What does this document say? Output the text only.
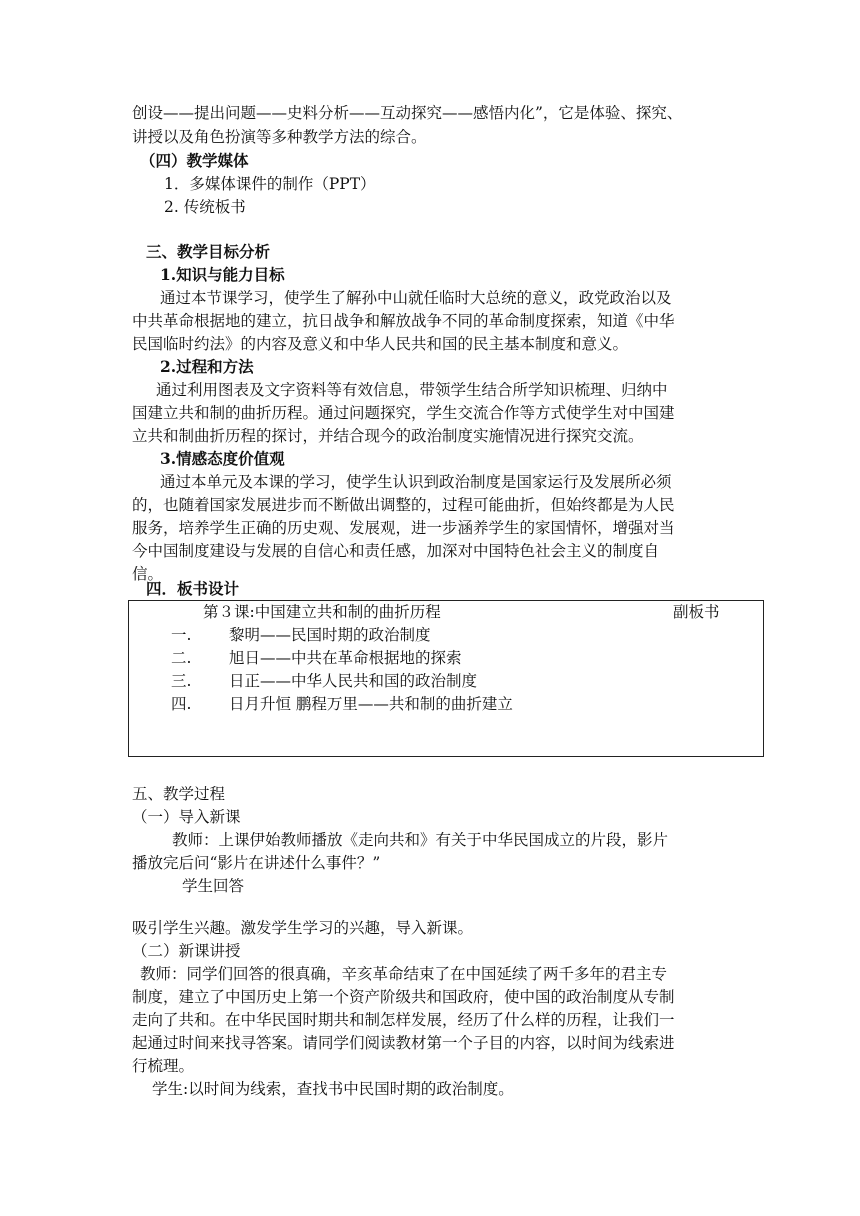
创设——提出问题——史料分析——互动探究——感悟内化”，它是体验、探究、
讲授以及角色扮演等多种教学方法的综合。
（四）教学媒体
1．多媒体课件的制作（PPT）
2. 传统板书
三、教学目标分析
1.知识与能力目标
通过本节课学习，使学生了解孙中山就任临时大总统的意义，政党政治以及
中共革命根据地的建立，抗日战争和解放战争不同的革命制度探索，知道《中华
民国临时约法》的内容及意义和中华人民共和国的民主基本制度和意义。
2.过程和方法
通过利用图表及文字资料等有效信息，带领学生结合所学知识梳理、归纳中
国建立共和制的曲折历程。通过问题探究，学生交流合作等方式使学生对中国建
立共和制曲折历程的探讨，并结合现今的政治制度实施情况进行探究交流。
3.情感态度价值观
通过本单元及本课的学习，使学生认识到政治制度是国家运行及发展所必须
的，也随着国家发展进步而不断做出调整的，过程可能曲折，但始终都是为人民
服务，培养学生正确的历史观、发展观，进一步涵养学生的家国情怀，增强对当
今中国制度建设与发展的自信心和责任感，加深对中国特色社会主义的制度自
信。
四．板书设计
第３课:中国建立共和制的曲折历程	副板书
一. 黎明——民国时期的政治制度
二. 旭日——中共在革命根据地的探索
三. 日正——中华人民共和国的政治制度
四. 日月升恒 鹏程万里——共和制的曲折建立
五、教学过程
（一）导入新课
教师：上课伊始教师播放《走向共和》有关于中华民国成立的片段，影片
播放完后问“影片在讲述什么事件？”
学生回答
吸引学生兴趣。激发学生学习的兴趣，导入新课。
（二）新课讲授
教师：同学们回答的很真确，辛亥革命结束了在中国延续了两千多年的君主专
制度，建立了中国历史上第一个资产阶级共和国政府，使中国的政治制度从专制
走向了共和。在中华民国时期共和制怎样发展，经历了什么样的历程，让我们一
起通过时间来找寻答案。请同学们阅读教材第一个子目的内容，以时间为线索进
行梳理。
学生:以时间为线索，查找书中民国时期的政治制度。
